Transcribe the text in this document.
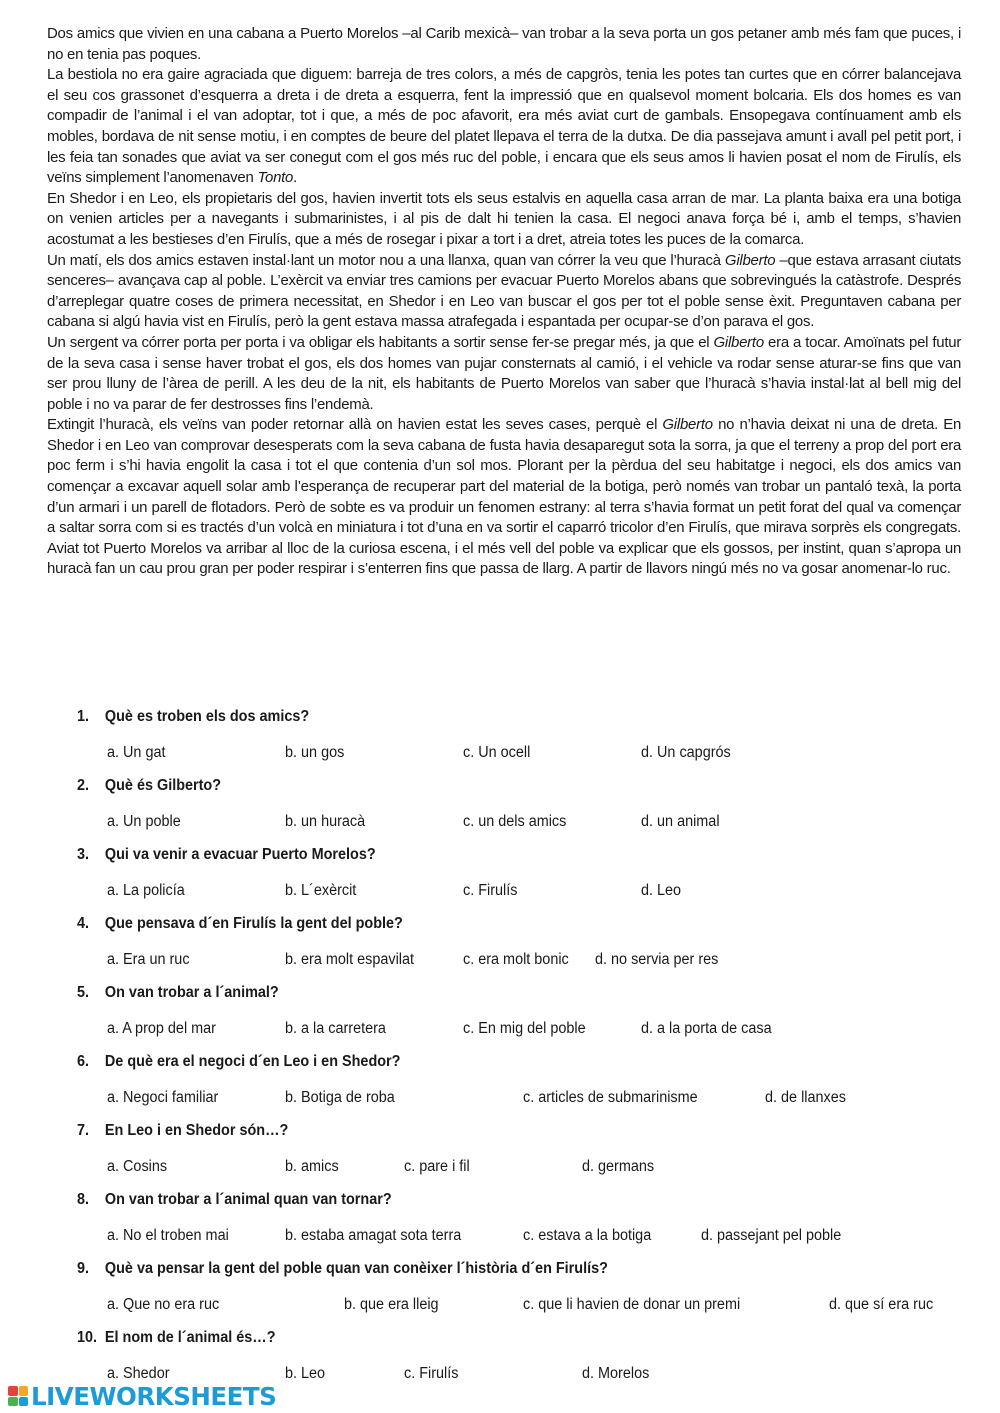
Dos amics que vivien en una cabana a Puerto Morelos –al Carib mexicà– van trobar a la seva porta un gos petaner amb més fam que puces, i no en tenia pas poques.

La bestiola no era gaire agraciada que diguem: barreja de tres colors, a més de capgròs, tenia les potes tan curtes que en córrer balancejava el seu cos grassonet d’esquerra a dreta i de dreta a esquerra, fent la impressió que en qualsevol moment bolcaria. Els dos homes es van compadir de l’animal i el van adoptar, tot i que, a més de poc afavorit, era més aviat curt de gambals. Ensopegava contínuament amb els mobles, bordava de nit sense motiu, i en comptes de beure del platet llepava el terra de la dutxa. De dia passejava amunt i avall pel petit port, i les feia tan sonades que aviat va ser conegut com el gos més ruc del poble, i encara que els seus amos li havien posat el nom de Firulís, els veïns simplement l’anomenaven Tonto.

En Shedor i en Leo, els propietaris del gos, havien invertit tots els seus estalvis en aquella casa arran de mar. La planta baixa era una botiga on venien articles per a navegants i submarinistes, i al pis de dalt hi tenien la casa. El negoci anava força bé i, amb el temps, s’havien acostumat a les bestieses d’en Firulís, que a més de rosegar i pixar a tort i a dret, atreia totes les puces de la comarca.

Un matí, els dos amics estaven instal·lant un motor nou a una llanxa, quan van córrer la veu que l’huracà Gilberto –que estava arrasant ciutats senceres– avançava cap al poble. L’exèrcit va enviar tres camions per evacuar Puerto Morelos abans que sobrevingués la catàstrofe. Després d’arreplegar quatre coses de primera necessitat, en Shedor i en Leo van buscar el gos per tot el poble sense èxit. Preguntaven cabana per cabana si algú havia vist en Firulís, però la gent estava massa atrafegada i espantada per ocupar-se d’on parava el gos.

Un sergent va córrer porta per porta i va obligar els habitants a sortir sense fer-se pregar més, ja que el Gilberto era a tocar. Amoïnats pel futur de la seva casa i sense haver trobat el gos, els dos homes van pujar consternats al camió, i el vehicle va rodar sense aturar-se fins que van ser prou lluny de l’àrea de perill. A les deu de la nit, els habitants de Puerto Morelos van saber que l’huracà s’havia instal·lat al bell mig del poble i no va parar de fer destrosses fins l’endemà.

Extingit l’huracà, els veïns van poder retornar allà on havien estat les seves cases, perquè el Gilberto no n’havia deixat ni una de dreta. En Shedor i en Leo van comprovar desesperats com la seva cabana de fusta havia desaparegut sota la sorra, ja que el terreny a prop del port era poc ferm i s’hi havia engolit la casa i tot el que contenia d’un sol mos. Plorant per la pèrdua del seu habitatge i negoci, els dos amics van començar a excavar aquell solar amb l’esperança de recuperar part del material de la botiga, però només van trobar un pantaló texà, la porta d’un armari i un parell de flotadors. Però de sobte es va produir un fenomen estrany: al terra s’havia format un petit forat del qual va començar a saltar sorra com si es tractés d’un volcà en miniatura i tot d’una en va sortir el caparró tricolor d’en Firulís, que mirava sorprès els congregats. Aviat tot Puerto Morelos va arribar al lloc de la curiosa escena, i el més vell del poble va explicar que els gossos, per instint, quan s’apropa un huracà fan un cau prou gran per poder respirar i s’enterren fins que passa de llarg. A partir de llavors ningú més no va gosar anomenar-lo ruc.

1. Què es troben els dos amics?
a. Un gat	b. un gos	c. Un ocell	d. Un capgrós
2. Què és Gilberto?
a. Un poble	b. un huracà	c. un dels amics	d. un animal
3. Qui va venir a evacuar Puerto Morelos?
a. La policía	b. L´exèrcit	c. Firulís	d. Leo
4. Que pensava d´en Firulís la gent del poble?
a. Era un ruc	b. era molt espavilat	c. era molt bonic d. no servia per res
5. On van trobar a l´animal?
a. A prop del mar	b. a la carretera	c. En mig del poble	d. a la porta de casa
6. De què era el negoci d´en Leo i en Shedor?
a. Negoci familiar	b. Botiga de roba	c. articles de submarinisme	d. de llanxes
7. En Leo i en Shedor són…?
a. Cosins	b. amics	c. pare i fil	d. germans
8. On van trobar a l´animal quan van tornar?
a. No el troben mai	b. estaba amagat sota terra	c. estava a la botiga	d. passejant pel poble
9. Què va pensar la gent del poble quan van conèixer l´història d´en Firulís?
a. Que no era ruc	b. que era lleig	c. que li havien de donar un premi	d. que sí era ruc
10. El nom de l´animal és…?
a. Shedor	b. Leo	c. Firulís	d. Morelos
LIVEWORKSHEETS
